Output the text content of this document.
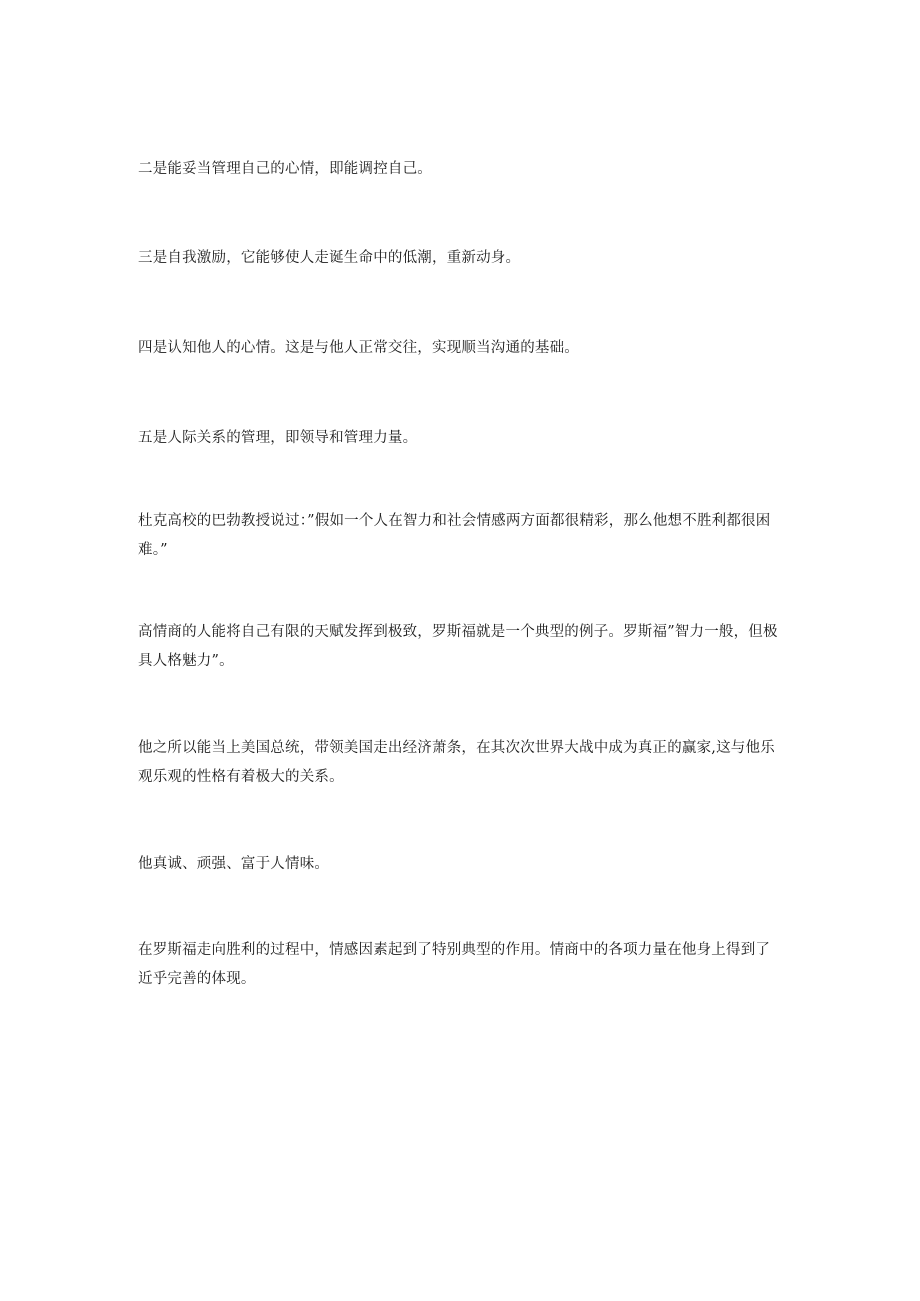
二是能妥当管理自己的心情，即能调控自己。

三是自我激励，它能够使人走诞生命中的低潮，重新动身。

四是认知他人的心情。这是与他人正常交往，实现顺当沟通的基础。

五是人际关系的管理，即领导和管理力量。

杜克高校的巴勃教授说过：”假如一个人在智力和社会情感两方面都很精彩，那么他想不胜利都很困难。”

高情商的人能将自己有限的天赋发挥到极致，罗斯福就是一个典型的例子。罗斯福”智力一般，但极具人格魅力”。

他之所以能当上美国总统，带领美国走出经济萧条，在其次次世界大战中成为真正的赢家,这与他乐观乐观的性格有着极大的关系。

他真诚、顽强、富于人情味。

在罗斯福走向胜利的过程中，情感因素起到了特别典型的作用。情商中的各项力量在他身上得到了近乎完善的体现。
